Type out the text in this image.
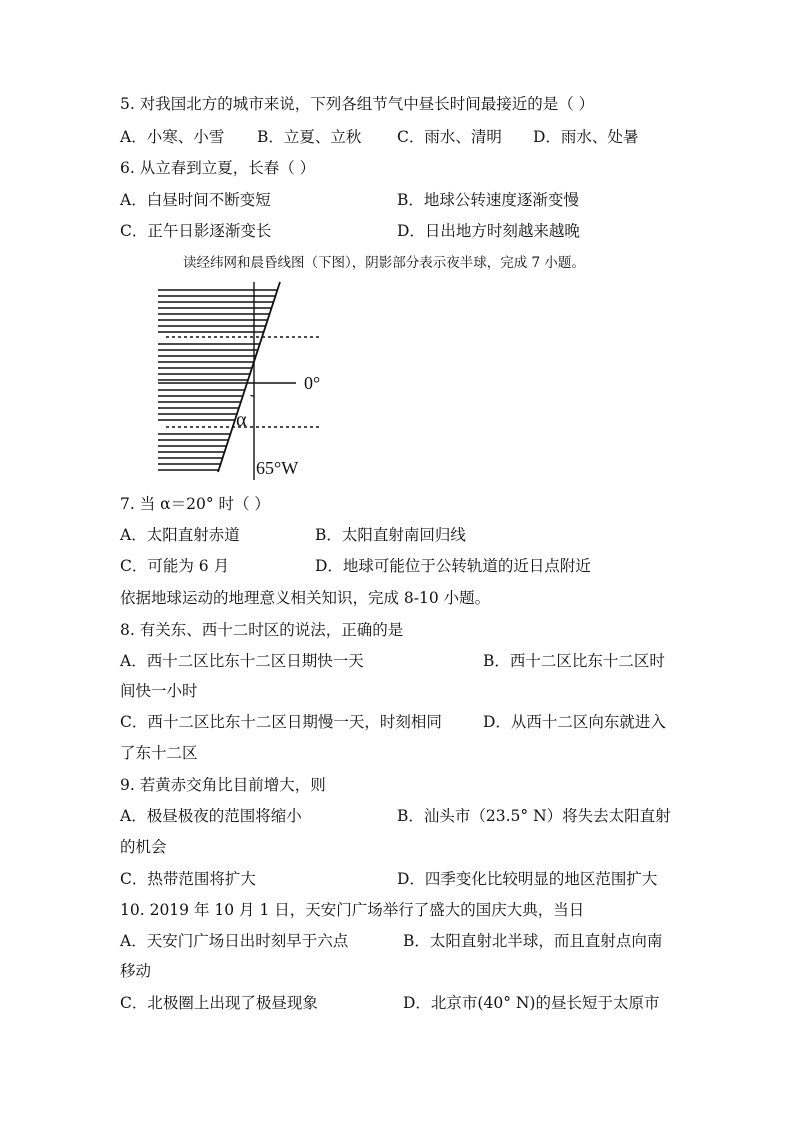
5. 对我国北方的城市来说，下列各组节气中昼长时间最接近的是（ ）
A．小寒、小雪 B．立夏、立秋 C．雨水、清明 D．雨水、处暑
6. 从立春到立夏，长春（ ）
A．白昼时间不断变短	B．地球公转速度逐渐变慢
C．正午日影逐渐变长	D．日出地方时刻越来越晚
读经纬网和晨昏线图（下图），阴影部分表示夜半球，完成 7 小题。
α
0°
65°W
7. 当 α＝20° 时（ ）
A．太阳直射赤道	B．太阳直射南回归线
C．可能为 6 月	D．地球可能位于公转轨道的近日点附近
依据地球运动的地理意义相关知识，完成 8-10 小题。
8. 有关东、西十二时区的说法，正确的是
A．西十二区比东十二区日期快一天	B．西十二区比东十二区时
间快一小时
C．西十二区比东十二区日期慢一天，时刻相同	D．从西十二区向东就进入
了东十二区
9. 若黄赤交角比目前增大，则
A．极昼极夜的范围将缩小	B．汕头市（23.5° N）将失去太阳直射
的机会
C．热带范围将扩大	D．四季变化比较明显的地区范围扩大
10. 2019 年 10 月 1 日，天安门广场举行了盛大的国庆大典，当日
A．天安门广场日出时刻早于六点	B．太阳直射北半球，而且直射点向南
移动
C．北极圈上出现了极昼现象	D．北京市(40° N)的昼长短于太原市
